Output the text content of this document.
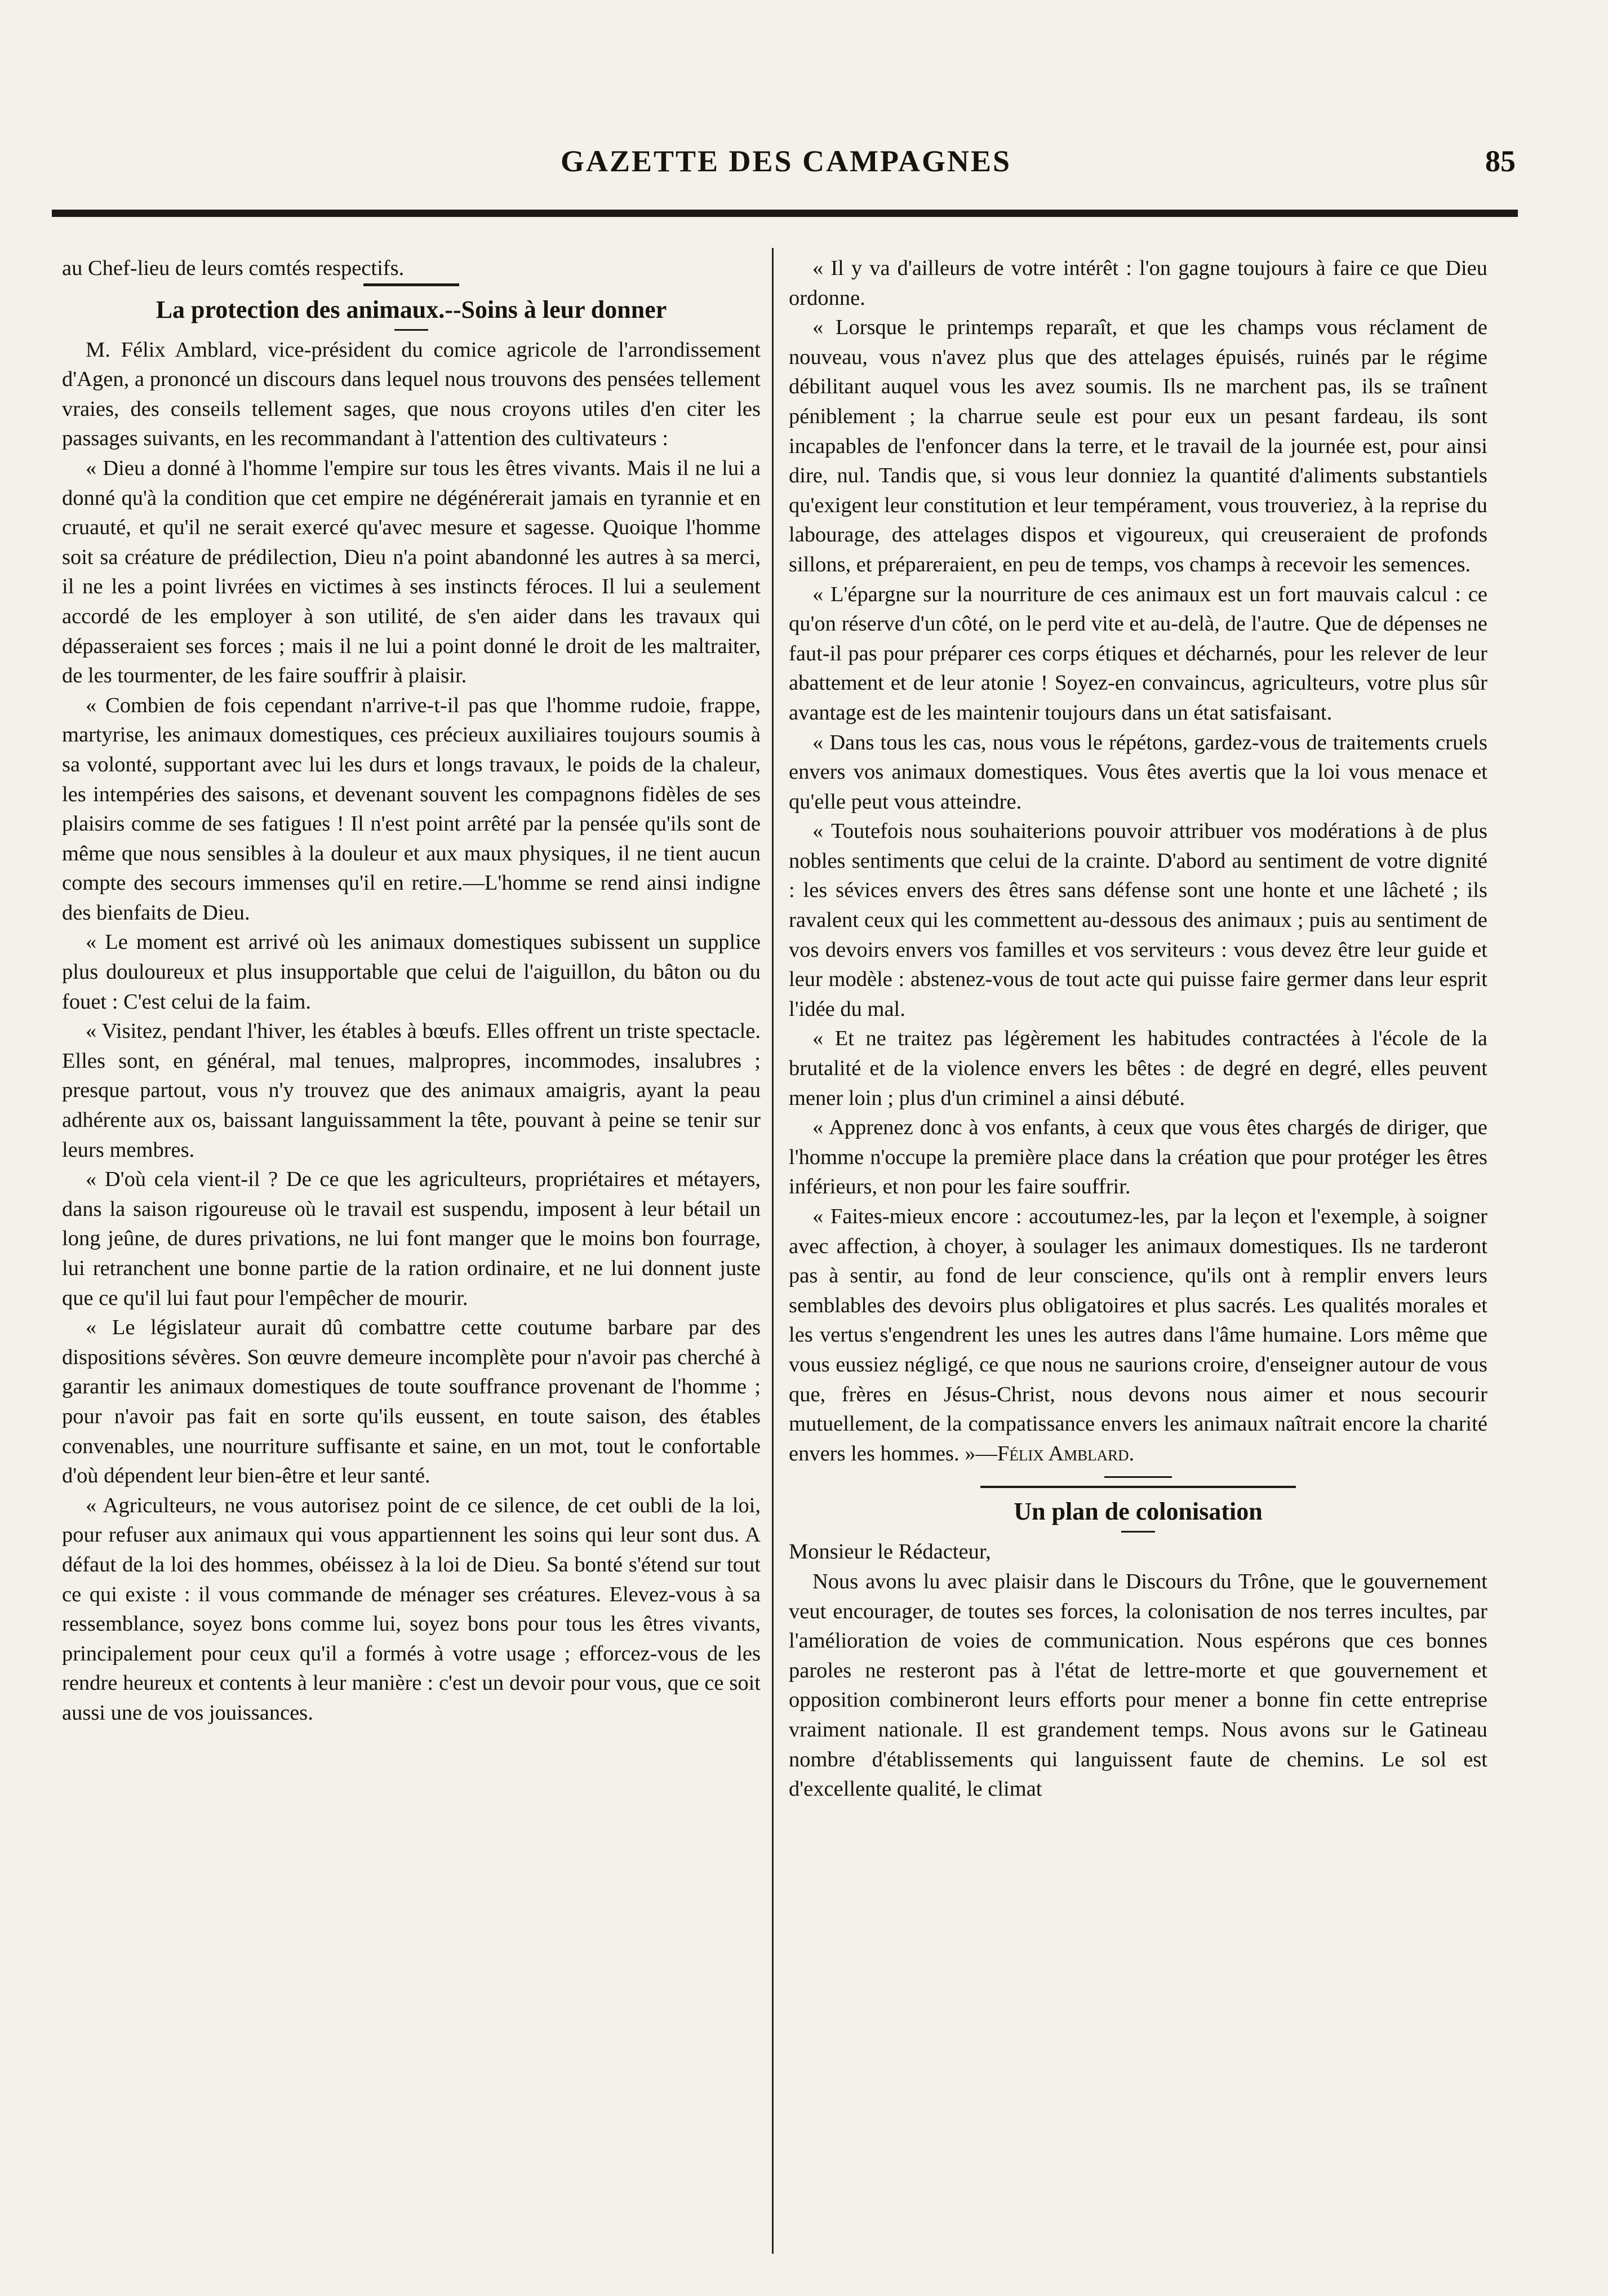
GAZETTE DES CAMPAGNES	85

au Chef-lieu de leurs comtés respectifs.

La protection des animaux.--Soins à leur donner

M. Félix Amblard, vice-président du comice agricole de l'arrondissement d'Agen, a prononcé un discours dans lequel nous trouvons des pensées tellement vraies, des conseils tellement sages, que nous croyons utiles d'en citer les passages suivants, en les recommandant à l'attention des cultivateurs :

« Dieu a donné à l'homme l'empire sur tous les êtres vivants. Mais il ne lui a donné qu'à la condition que cet empire ne dégénérerait jamais en tyrannie et en cruauté, et qu'il ne serait exercé qu'avec mesure et sagesse. Quoique l'homme soit sa créature de prédilection, Dieu n'a point abandonné les autres à sa merci, il ne les a point livrées en victimes à ses instincts féroces. Il lui a seulement accordé de les employer à son utilité, de s'en aider dans les travaux qui dépasseraient ses forces ; mais il ne lui a point donné le droit de les maltraiter, de les tourmenter, de les faire souffrir à plaisir.

« Combien de fois cependant n'arrive-t-il pas que l'homme rudoie, frappe, martyrise, les animaux domestiques, ces précieux auxiliaires toujours soumis à sa volonté, supportant avec lui les durs et longs travaux, le poids de la chaleur, les intempéries des saisons, et devenant souvent les compagnons fidèles de ses plaisirs comme de ses fatigues ! Il n'est point arrêté par la pensée qu'ils sont de même que nous sensibles à la douleur et aux maux physiques, il ne tient aucun compte des secours immenses qu'il en retire.—L'homme se rend ainsi indigne des bienfaits de Dieu.

« Le moment est arrivé où les animaux domestiques subissent un supplice plus douloureux et plus insupportable que celui de l'aiguillon, du bâton ou du fouet : C'est celui de la faim.

« Visitez, pendant l'hiver, les étables à bœufs. Elles offrent un triste spectacle. Elles sont, en général, mal tenues, malpropres, incommodes, insalubres ; presque partout, vous n'y trouvez que des animaux amaigris, ayant la peau adhérente aux os, baissant languissamment la tête, pouvant à peine se tenir sur leurs membres.

« D'où cela vient-il ? De ce que les agriculteurs, propriétaires et métayers, dans la saison rigoureuse où le travail est suspendu, imposent à leur bétail un long jeûne, de dures privations, ne lui font manger que le moins bon fourrage, lui retranchent une bonne partie de la ration ordinaire, et ne lui donnent juste que ce qu'il lui faut pour l'empêcher de mourir.

« Le législateur aurait dû combattre cette coutume barbare par des dispositions sévères. Son œuvre demeure incomplète pour n'avoir pas cherché à garantir les animaux domestiques de toute souffrance provenant de l'homme ; pour n'avoir pas fait en sorte qu'ils eussent, en toute saison, des étables convenables, une nourriture suffisante et saine, en un mot, tout le confortable d'où dépendent leur bien-être et leur santé.

« Agriculteurs, ne vous autorisez point de ce silence, de cet oubli de la loi, pour refuser aux animaux qui vous appartiennent les soins qui leur sont dus. A défaut de la loi des hommes, obéissez à la loi de Dieu. Sa bonté s'étend sur tout ce qui existe : il vous commande de ménager ses créatures. Elevez-vous à sa ressemblance, soyez bons comme lui, soyez bons pour tous les êtres vivants, principalement pour ceux qu'il a formés à votre usage ; efforcez-vous de les rendre heureux et contents à leur manière : c'est un devoir pour vous, que ce soit aussi une de vos jouissances.

« Il y va d'ailleurs de votre intérêt : l'on gagne toujours à faire ce que Dieu ordonne.

« Lorsque le printemps reparaît, et que les champs vous réclament de nouveau, vous n'avez plus que des attelages épuisés, ruinés par le régime débilitant auquel vous les avez soumis. Ils ne marchent pas, ils se traînent péniblement ; la charrue seule est pour eux un pesant fardeau, ils sont incapables de l'enfoncer dans la terre, et le travail de la journée est, pour ainsi dire, nul. Tandis que, si vous leur donniez la quantité d'aliments substantiels qu'exigent leur constitution et leur tempérament, vous trouveriez, à la reprise du labourage, des attelages dispos et vigoureux, qui creuseraient de profonds sillons, et prépareraient, en peu de temps, vos champs à recevoir les semences.

« L'épargne sur la nourriture de ces animaux est un fort mauvais calcul : ce qu'on réserve d'un côté, on le perd vite et au-delà, de l'autre. Que de dépenses ne faut-il pas pour préparer ces corps étiques et décharnés, pour les relever de leur abattement et de leur atonie ! Soyez-en convaincus, agriculteurs, votre plus sûr avantage est de les maintenir toujours dans un état satisfaisant.

« Dans tous les cas, nous vous le répétons, gardez-vous de traitements cruels envers vos animaux domestiques. Vous êtes avertis que la loi vous menace et qu'elle peut vous atteindre.

« Toutefois nous souhaiterions pouvoir attribuer vos modérations à de plus nobles sentiments que celui de la crainte. D'abord au sentiment de votre dignité : les sévices envers des êtres sans défense sont une honte et une lâcheté ; ils ravalent ceux qui les commettent au-dessous des animaux ; puis au sentiment de vos devoirs envers vos familles et vos serviteurs : vous devez être leur guide et leur modèle : abstenez-vous de tout acte qui puisse faire germer dans leur esprit l'idée du mal.

« Et ne traitez pas légèrement les habitudes contractées à l'école de la brutalité et de la violence envers les bêtes : de degré en degré, elles peuvent mener loin ; plus d'un criminel a ainsi débuté.

« Apprenez donc à vos enfants, à ceux que vous êtes chargés de diriger, que l'homme n'occupe la première place dans la création que pour protéger les êtres inférieurs, et non pour les faire souffrir.

« Faites-mieux encore : accoutumez-les, par la leçon et l'exemple, à soigner avec affection, à choyer, à soulager les animaux domestiques. Ils ne tarderont pas à sentir, au fond de leur conscience, qu'ils ont à remplir envers leurs semblables des devoirs plus obligatoires et plus sacrés. Les qualités morales et les vertus s'engendrent les unes les autres dans l'âme humaine. Lors même que vous eussiez négligé, ce que nous ne saurions croire, d'enseigner autour de vous que, frères en Jésus-Christ, nous devons nous aimer et nous secourir mutuellement, de la compatissance envers les animaux naîtrait encore la charité envers les hommes. »—Félix Amblard.

Un plan de colonisation

Monsieur le Rédacteur,

Nous avons lu avec plaisir dans le Discours du Trône, que le gouvernement veut encourager, de toutes ses forces, la colonisation de nos terres incultes, par l'amélioration de voies de communication. Nous espérons que ces bonnes paroles ne resteront pas à l'état de lettre-morte et que gouvernement et opposition combineront leurs efforts pour mener a bonne fin cette entreprise vraiment nationale. Il est grandement temps. Nous avons sur le Gatineau nombre d'établissements qui languissent faute de chemins. Le sol est d'excellente qualité, le climat
